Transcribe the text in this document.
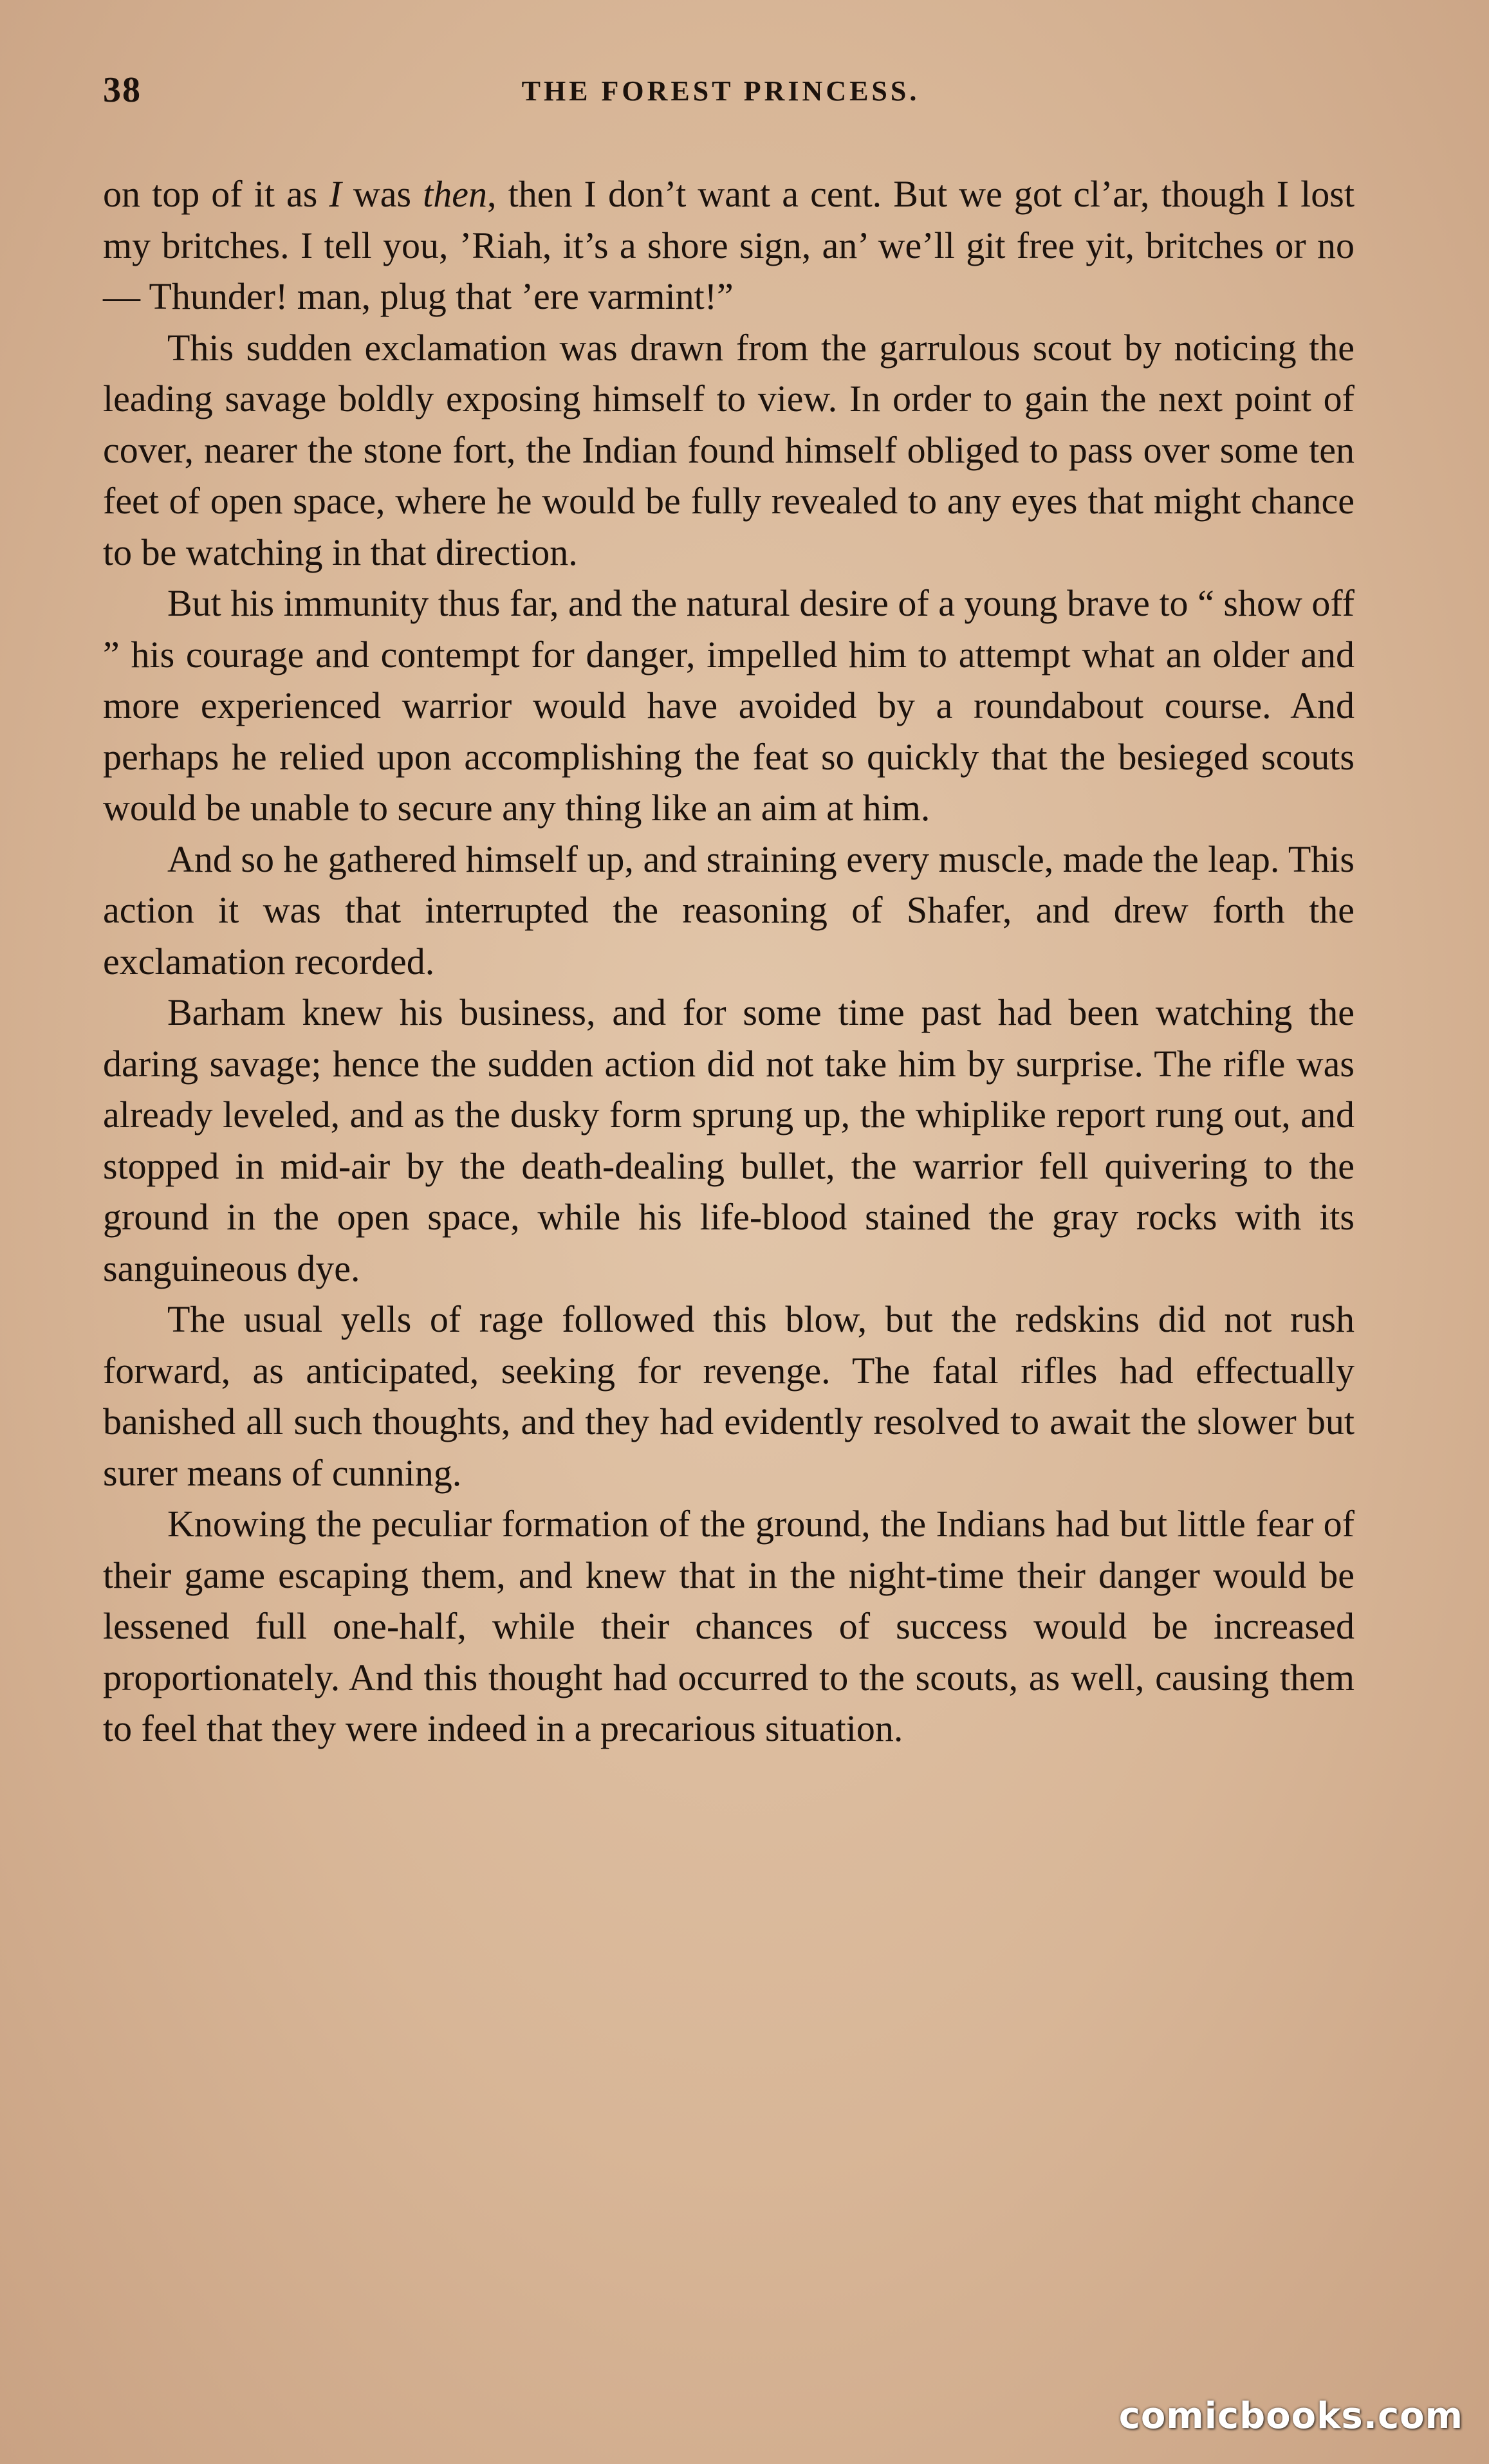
38	THE FOREST PRINCESS.

on top of it as I was then, then I don’t want a cent. But we got cl’ar, though I lost my britches. I tell you, ’Riah, it’s a shore sign, an’ we’ll git free yit, britches or no— Thunder! man, plug that ’ere varmint!”

This sudden exclamation was drawn from the garrulous scout by noticing the leading savage boldly exposing himself to view. In order to gain the next point of cover, nearer the stone fort, the Indian found himself obliged to pass over some ten feet of open space, where he would be fully revealed to any eyes that might chance to be watching in that direction.

But his immunity thus far, and the natural desire of a young brave to “ show off ” his courage and contempt for danger, impelled him to attempt what an older and more experienced warrior would have avoided by a roundabout course. And perhaps he relied upon accomplishing the feat so quickly that the besieged scouts would be unable to secure any thing like an aim at him.

And so he gathered himself up, and straining every muscle, made the leap. This action it was that interrupted the reasoning of Shafer, and drew forth the exclamation recorded.

Barham knew his business, and for some time past had been watching the daring savage; hence the sudden action did not take him by surprise. The rifle was already leveled, and as the dusky form sprung up, the whiplike report rung out, and stopped in mid-air by the death-dealing bullet, the warrior fell quivering to the ground in the open space, while his life-blood stained the gray rocks with its sanguineous dye.

The usual yells of rage followed this blow, but the redskins did not rush forward, as anticipated, seeking for revenge. The fatal rifles had effectually banished all such thoughts, and they had evidently resolved to await the slower but surer means of cunning.

Knowing the peculiar formation of the ground, the Indians had but little fear of their game escaping them, and knew that in the night-time their danger would be lessened full one-half, while their chances of success would be increased proportionately. And this thought had occurred to the scouts, as well, causing them to feel that they were indeed in a precarious situation.

comicbooks.com
